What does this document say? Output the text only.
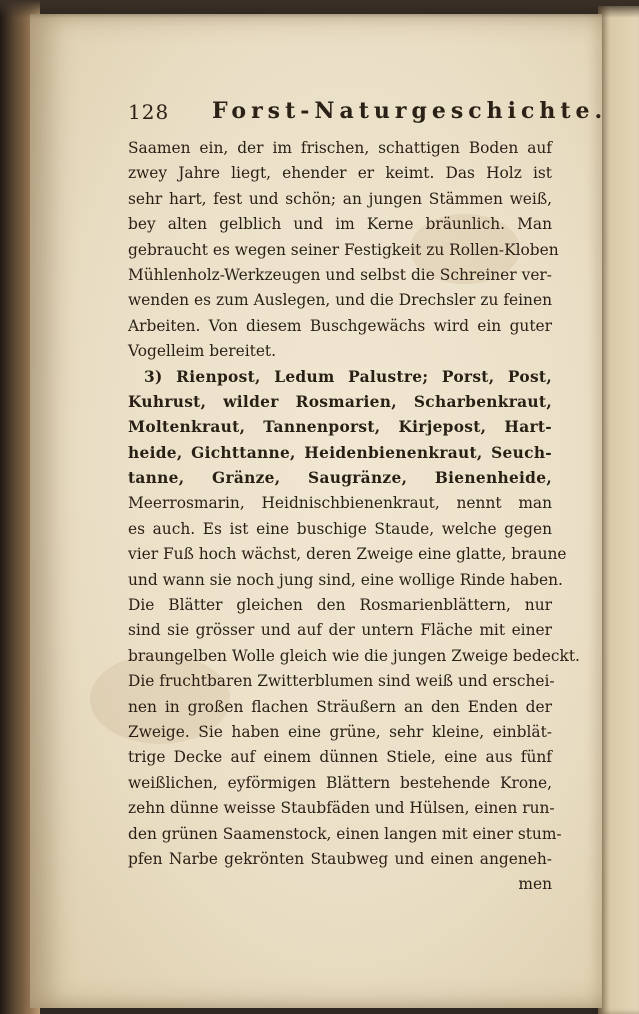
128 Forst-Naturgeschichte.
Saamen ein, der im frischen, schattigen Boden auf
zwey Jahre liegt, ehender er keimt. Das Holz ist
sehr hart, fest und schön; an jungen Stämmen weiß,
bey alten gelblich und im Kerne bräunlich. Man
gebraucht es wegen seiner Festigkeit zu Rollen-Kloben
Mühlenholz-Werkzeugen und selbst die Schreiner ver-
wenden es zum Auslegen, und die Drechsler zu feinen
Arbeiten. Von diesem Buschgewächs wird ein guter
Vogelleim bereitet.
3) Rienpost, Ledum Palustre; Porst, Post,
Kuhrust, wilder Rosmarien, Scharbenkraut,
Moltenkraut, Tannenporst, Kirjepost, Hart-
heide, Gichttanne, Heidenbienenkraut, Seuch-
tanne, Gränze, Saugränze, Bienenheide,
Meerrosmarin, Heidnischbienenkraut, nennt man
es auch. Es ist eine buschige Staude, welche gegen
vier Fuß hoch wächst, deren Zweige eine glatte, braune
und wann sie noch jung sind, eine wollige Rinde haben.
Die Blätter gleichen den Rosmarienblättern, nur
sind sie grösser und auf der untern Fläche mit einer
braungelben Wolle gleich wie die jungen Zweige bedeckt.
Die fruchtbaren Zwitterblumen sind weiß und erschei-
nen in großen flachen Sträußern an den Enden der
Zweige. Sie haben eine grüne, sehr kleine, einblät-
trige Decke auf einem dünnen Stiele, eine aus fünf
weißlichen, eyförmigen Blättern bestehende Krone,
zehn dünne weisse Staubfäden und Hülsen, einen run-
den grünen Saamenstock, einen langen mit einer stum-
pfen Narbe gekrönten Staubweg und einen angeneh-
men
